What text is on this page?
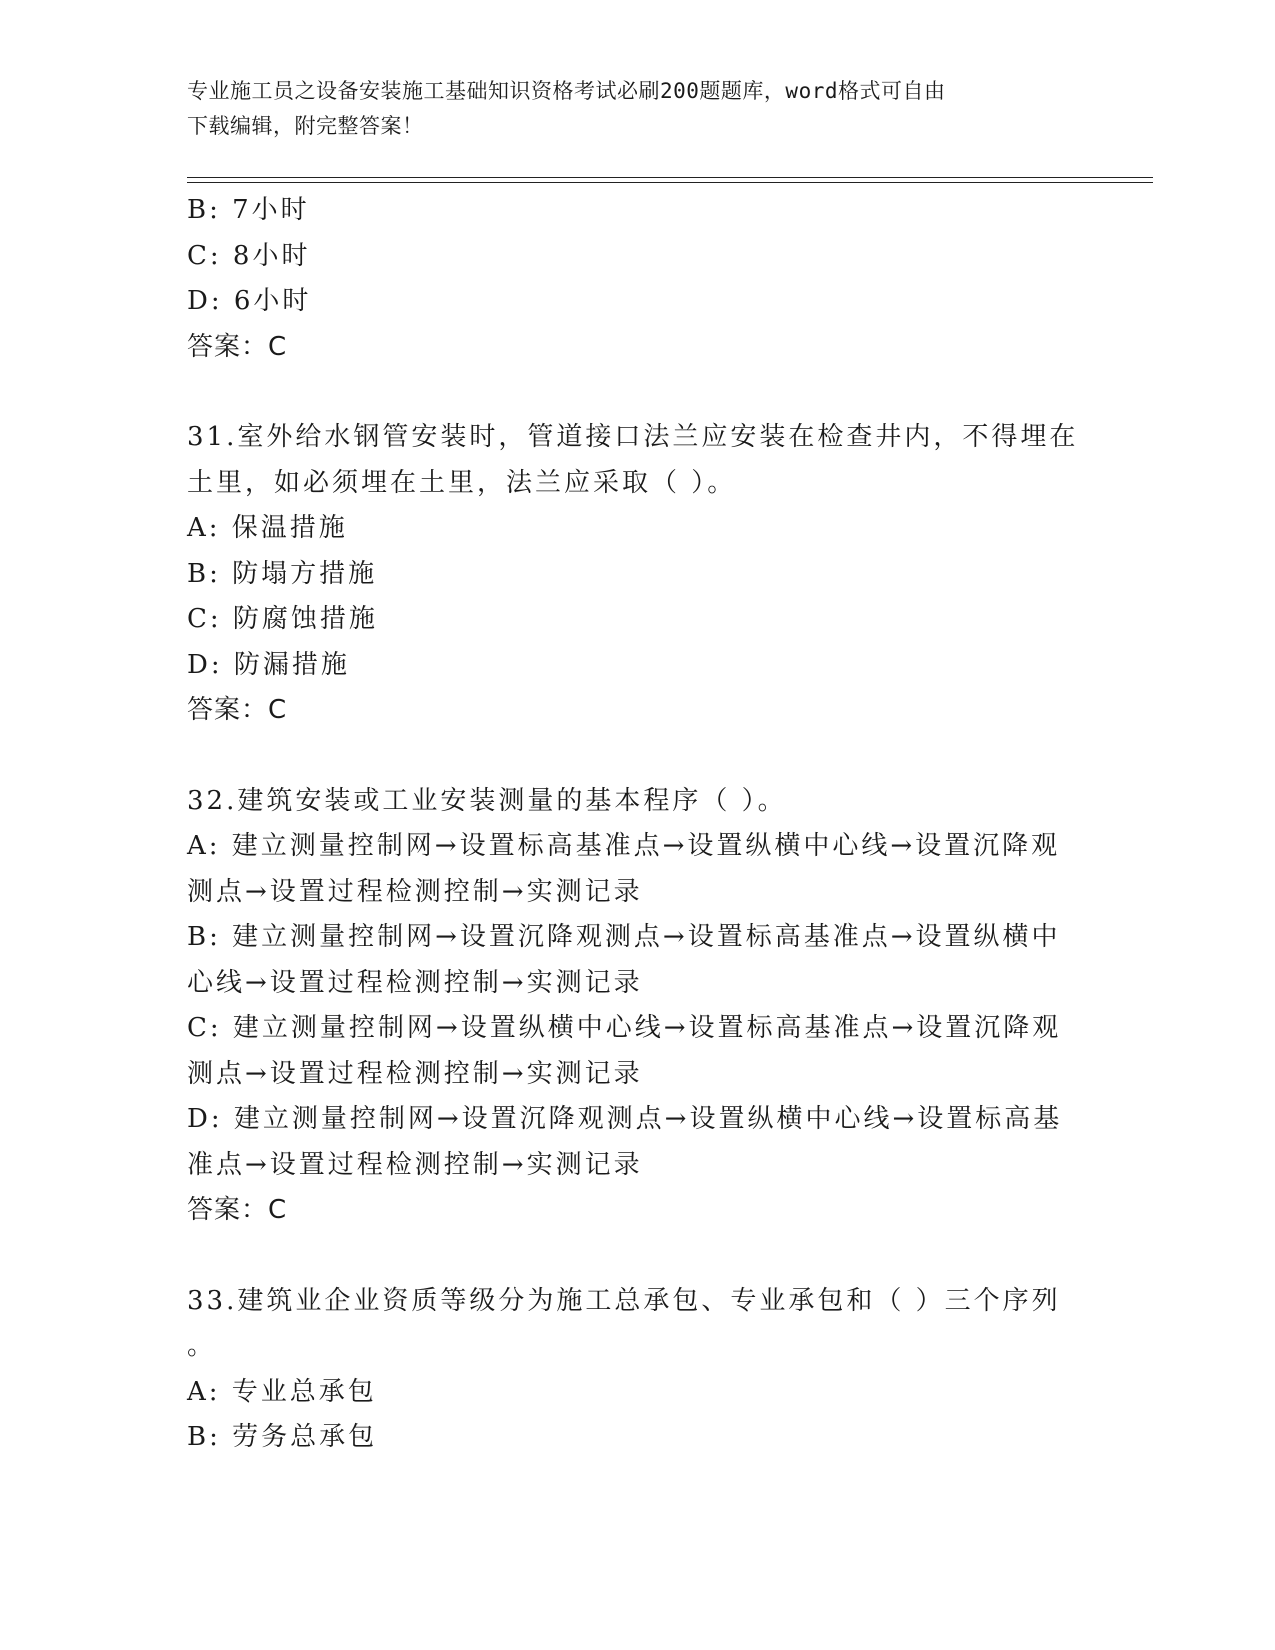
专业施工员之设备安装施工基础知识资格考试必刷200题题库，word格式可自由
下载编辑，附完整答案！
B: 7小时
C: 8小时
D: 6小时
答案：C
31.室外给水钢管安装时，管道接口法兰应安装在检查井内，不得埋在
土里，如必须埋在土里，法兰应采取（ ）。
A: 保温措施
B: 防塌方措施
C: 防腐蚀措施
D: 防漏措施
答案：C
32.建筑安装或工业安装测量的基本程序（ ）。
A: 建立测量控制网→设置标高基准点→设置纵横中心线→设置沉降观
测点→设置过程检测控制→实测记录
B: 建立测量控制网→设置沉降观测点→设置标高基准点→设置纵横中
心线→设置过程检测控制→实测记录
C: 建立测量控制网→设置纵横中心线→设置标高基准点→设置沉降观
测点→设置过程检测控制→实测记录
D: 建立测量控制网→设置沉降观测点→设置纵横中心线→设置标高基
准点→设置过程检测控制→实测记录
答案：C
33.建筑业企业资质等级分为施工总承包、专业承包和（ ）三个序列
。
A: 专业总承包
B: 劳务总承包
